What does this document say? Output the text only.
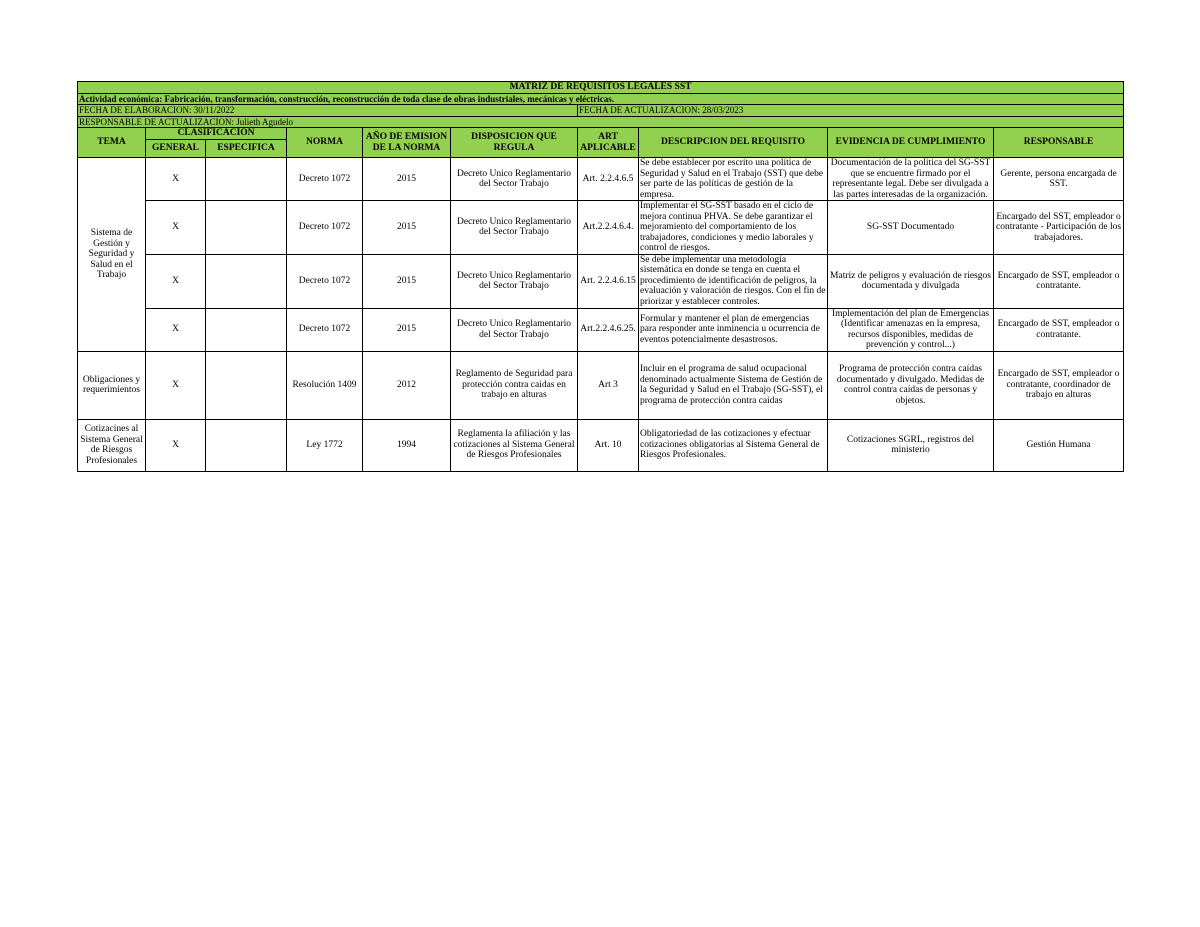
MATRIZ DE REQUISITOS LEGALES SST									
Actividad económica: Fabricación, transformación, construcción, reconstrucción de toda clase de obras industriales, mecánicas y eléctricas.									
FECHA DE ELABORACION: 30/11/2022						FECHA DE ACTUALIZACION: 28/03/2023			
RESPONSABLE DE ACTUALIZACION: Julieth Agudelo									
TEMA	CLASIFICACION		NORMA	AÑO DE EMISION DE LA NORMA	DISPOSICION QUE REGULA	ART APLICABLE	DESCRIPCION DEL REQUISITO	EVIDENCIA DE CUMPLIMIENTO	RESPONSABLE
	GENERAL	ESPECIFICA							
Sistema de Gestión y Seguridad y Salud en el Trabajo	X		Decreto 1072	2015	Decreto Unico Reglamentario del Sector Trabajo	Art. 2.2.4.6.5	Se debe establecer por escrito una política de Seguridad y Salud en el Trabajo (SST) que debe ser parte de las políticas de gestión de la empresa.	Documentación de la política del SG-SST que se encuentre firmado por el representante legal. Debe ser divulgada a las partes interesadas de la organización.	Gerente, persona encargada de SST.
	X		Decreto 1072	2015	Decreto Unico Reglamentario del Sector Trabajo	Art.2.2.4.6.4.	Implementar el SG-SST basado en el ciclo de mejora continua PHVA. Se debe garantizar el mejoramiento del comportamiento de los trabajadores, condiciones y medio laborales y control de riesgos.	SG-SST Documentado	Encargado del SST, empleador o contratante - Participación de los trabajadores.
	X		Decreto 1072	2015	Decreto Unico Reglamentario del Sector Trabajo	Art. 2.2.4.6.15	Se debe implementar una metodología sistemática en donde se tenga en cuenta el procedimiento de identificación de peligros, la evaluación y valoración de riesgos. Con el fin de priorizar y establecer controles.	Matriz de peligros y evaluación de riesgos documentada y divulgada	Encargado de SST, empleador o contratante.
	X		Decreto 1072	2015	Decreto Unico Reglamentario del Sector Trabajo	Art.2.2.4.6.25.	Formular y mantener el plan de emergencias para responder ante inminencia u ocurrencia de eventos potencialmente desastrosos.	Implementación del plan de Emergencias (Identificar amenazas en la empresa, recursos disponibles, medidas de prevención y control...)	Encargado de SST, empleador o contratante.
Obligaciones y requerimientos	X		Resolución 1409	2012	Reglamento de Seguridad para protección contra caídas en trabajo en alturas	Art 3	Incluir en el programa de salud ocupacional denominado actualmente Sistema de Gestión de la Seguridad y Salud en el Trabajo (SG-SST), el programa de protección contra caídas	Programa de protección contra caídas documentado y divulgado. Medidas de control contra caídas de personas y objetos.	Encargado de SST, empleador o contratante, coordinador de trabajo en alturas
Cotizacines al Sistema General de Riesgos Profesionales	X		Ley 1772	1994	Reglamenta la afiliación y las cotizaciones al Sistema General de Riesgos Profesionales	Art. 10	Obligatoriedad de las cotizaciones y efectuar cotizaciones obligatorias al Sistema General de Riesgos Profesionales.	Cotizaciones SGRL, registros del ministerio	Gestión Humana
